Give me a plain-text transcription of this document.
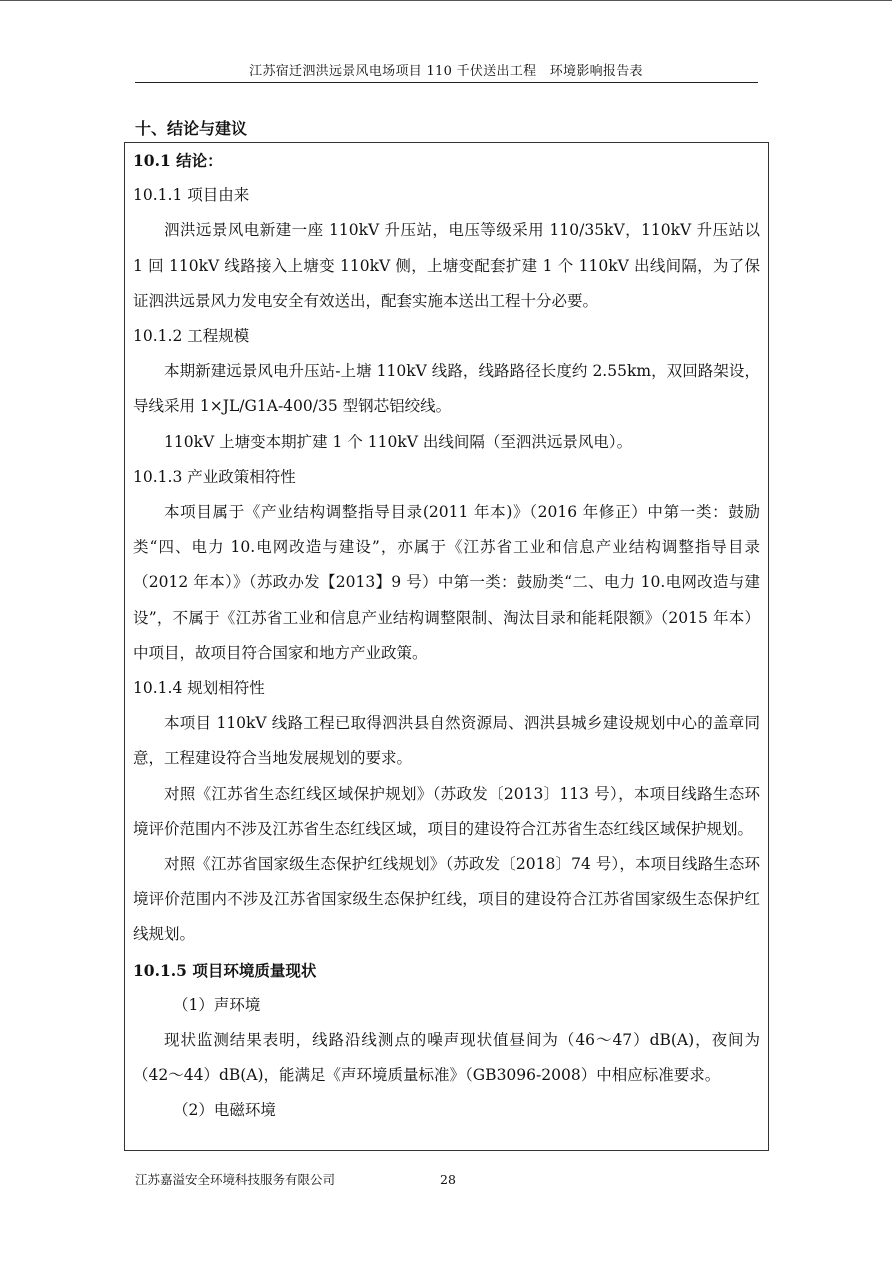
江苏宿迁泗洪远景风电场项目 110 千伏送出工程　环境影响报告表
十、结论与建议

10.1 结论：

10.1.1 项目由来

泗洪远景风电新建一座 110kV 升压站，电压等级采用 110/35kV，110kV 升压站以 1 回 110kV 线路接入上塘变 110kV 侧，上塘变配套扩建 1 个 110kV 出线间隔，为了保证泗洪远景风力发电安全有效送出，配套实施本送出工程十分必要。

10.1.2 工程规模

本期新建远景风电升压站-上塘 110kV 线路，线路路径长度约 2.55km，双回路架设，导线采用 1×JL/G1A-400/35 型钢芯铝绞线。

110kV 上塘变本期扩建 1 个 110kV 出线间隔（至泗洪远景风电）。

10.1.3 产业政策相符性

本项目属于《产业结构调整指导目录(2011 年本)》（2016 年修正）中第一类：鼓励类“四、电力 10.电网改造与建设”，亦属于《江苏省工业和信息产业结构调整指导目录（2012 年本）》（苏政办发【2013】9 号）中第一类：鼓励类“二、电力 10.电网改造与建设”，不属于《江苏省工业和信息产业结构调整限制、淘汰目录和能耗限额》（2015 年本）中项目，故项目符合国家和地方产业政策。

10.1.4 规划相符性

本项目 110kV 线路工程已取得泗洪县自然资源局、泗洪县城乡建设规划中心的盖章同意，工程建设符合当地发展规划的要求。

对照《江苏省生态红线区域保护规划》（苏政发〔2013〕113 号），本项目线路生态环境评价范围内不涉及江苏省生态红线区域，项目的建设符合江苏省生态红线区域保护规划。

对照《江苏省国家级生态保护红线规划》（苏政发〔2018〕74 号），本项目线路生态环境评价范围内不涉及江苏省国家级生态保护红线，项目的建设符合江苏省国家级生态保护红线规划。

10.1.5 项目环境质量现状

（1）声环境

现状监测结果表明，线路沿线测点的噪声现状值昼间为（46～47）dB(A)，夜间为（42～44）dB(A)，能满足《声环境质量标准》（GB3096-2008）中相应标准要求。

（2）电磁环境

江苏嘉溢安全环境科技服务有限公司	28
